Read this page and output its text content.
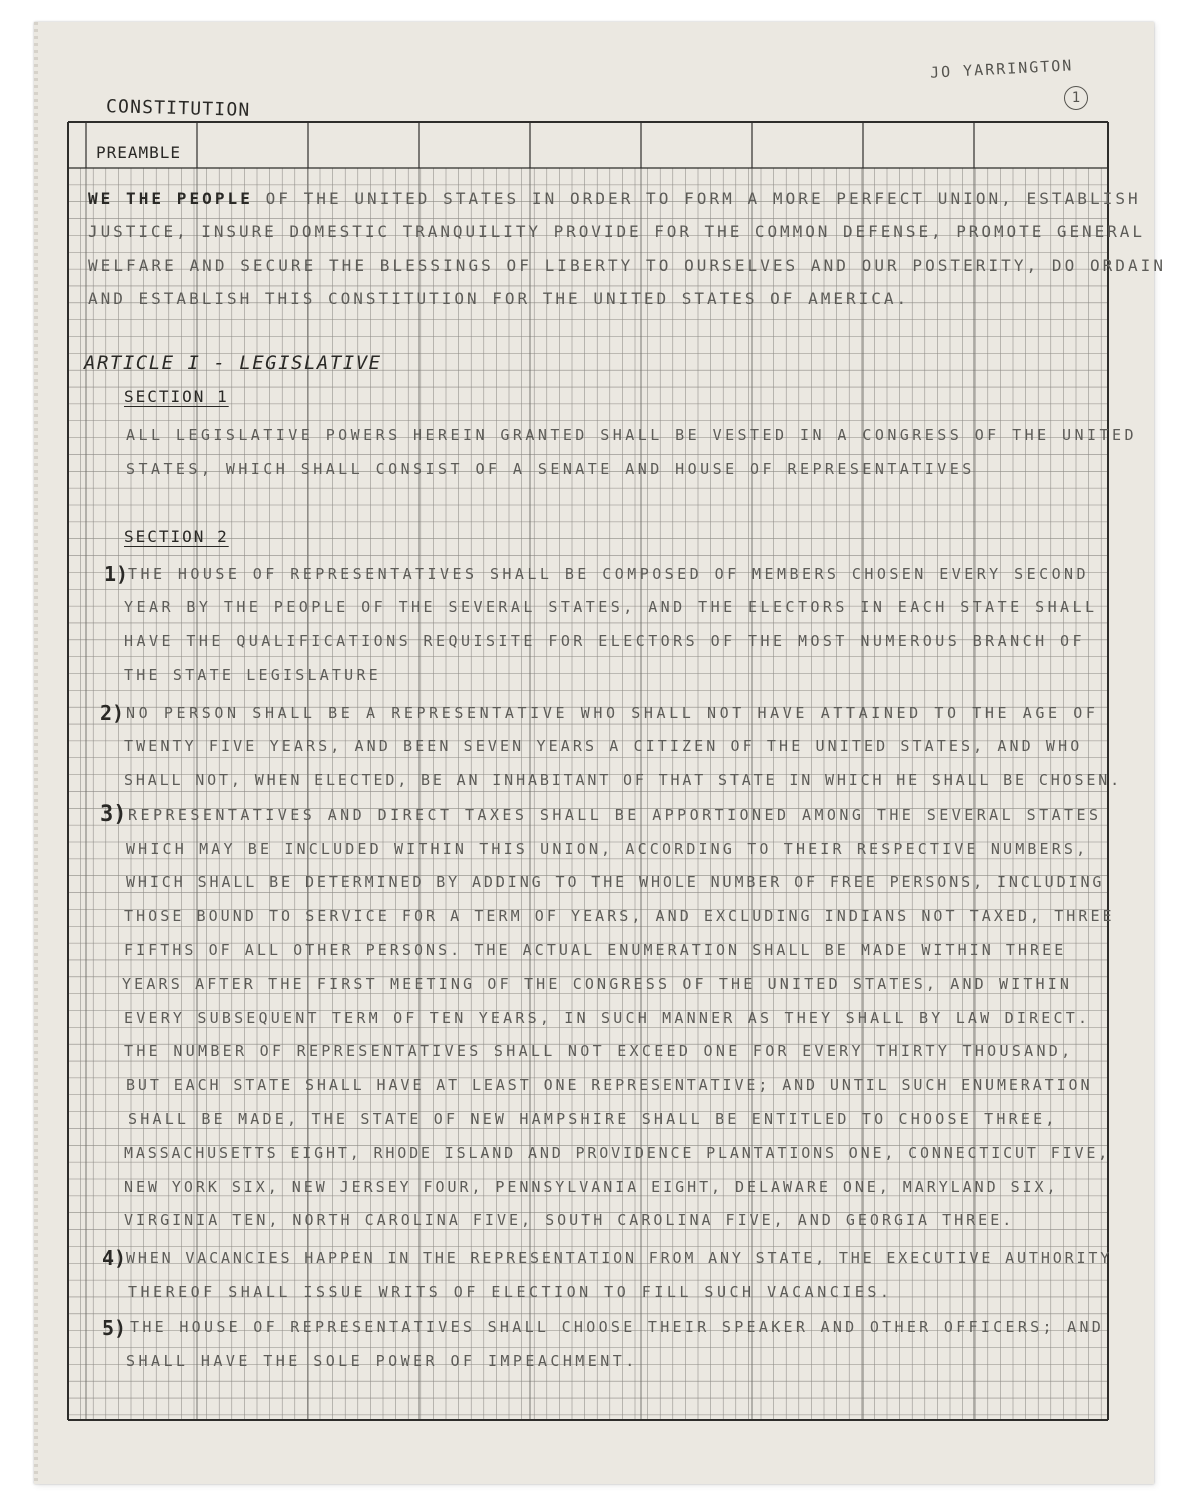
JO YARRINGTON
1
CONSTITUTION
PREAMBLE
WE THE PEOPLE OF THE UNITED STATES IN ORDER TO FORM A MORE PERFECT UNION, ESTABLISH
JUSTICE, INSURE DOMESTIC TRANQUILITY PROVIDE FOR THE COMMON DEFENSE, PROMOTE GENERAL
WELFARE AND SECURE THE BLESSINGS OF LIBERTY TO OURSELVES AND OUR POSTERITY, DO ORDAIN
AND ESTABLISH THIS CONSTITUTION FOR THE UNITED STATES OF AMERICA.
ARTICLE I - LEGISLATIVE
SECTION 1
ALL LEGISLATIVE POWERS HEREIN GRANTED SHALL BE VESTED IN A CONGRESS OF THE UNITED
STATES, WHICH SHALL CONSIST OF A SENATE AND HOUSE OF REPRESENTATIVES
SECTION 2
1) THE HOUSE OF REPRESENTATIVES SHALL BE COMPOSED OF MEMBERS CHOSEN EVERY SECOND
YEAR BY THE PEOPLE OF THE SEVERAL STATES, AND THE ELECTORS IN EACH STATE SHALL
HAVE THE QUALIFICATIONS REQUISITE FOR ELECTORS OF THE MOST NUMEROUS BRANCH OF
THE STATE LEGISLATURE
2) NO PERSON SHALL BE A REPRESENTATIVE WHO SHALL NOT HAVE ATTAINED TO THE AGE OF
TWENTY FIVE YEARS, AND BEEN SEVEN YEARS A CITIZEN OF THE UNITED STATES, AND WHO
SHALL NOT, WHEN ELECTED, BE AN INHABITANT OF THAT STATE IN WHICH HE SHALL BE CHOSEN.
3) REPRESENTATIVES AND DIRECT TAXES SHALL BE APPORTIONED AMONG THE SEVERAL STATES
WHICH MAY BE INCLUDED WITHIN THIS UNION, ACCORDING TO THEIR RESPECTIVE NUMBERS,
WHICH SHALL BE DETERMINED BY ADDING TO THE WHOLE NUMBER OF FREE PERSONS, INCLUDING
THOSE BOUND TO SERVICE FOR A TERM OF YEARS, AND EXCLUDING INDIANS NOT TAXED, THREE
FIFTHS OF ALL OTHER PERSONS. THE ACTUAL ENUMERATION SHALL BE MADE WITHIN THREE
YEARS AFTER THE FIRST MEETING OF THE CONGRESS OF THE UNITED STATES, AND WITHIN
EVERY SUBSEQUENT TERM OF TEN YEARS, IN SUCH MANNER AS THEY SHALL BY LAW DIRECT.
THE NUMBER OF REPRESENTATIVES SHALL NOT EXCEED ONE FOR EVERY THIRTY THOUSAND,
BUT EACH STATE SHALL HAVE AT LEAST ONE REPRESENTATIVE; AND UNTIL SUCH ENUMERATION
SHALL BE MADE, THE STATE OF NEW HAMPSHIRE SHALL BE ENTITLED TO CHOOSE THREE,
MASSACHUSETTS EIGHT, RHODE ISLAND AND PROVIDENCE PLANTATIONS ONE, CONNECTICUT FIVE,
NEW YORK SIX, NEW JERSEY FOUR, PENNSYLVANIA EIGHT, DELAWARE ONE, MARYLAND SIX,
VIRGINIA TEN, NORTH CAROLINA FIVE, SOUTH CAROLINA FIVE, AND GEORGIA THREE.
4) WHEN VACANCIES HAPPEN IN THE REPRESENTATION FROM ANY STATE, THE EXECUTIVE AUTHORITY
THEREOF SHALL ISSUE WRITS OF ELECTION TO FILL SUCH VACANCIES.
5) THE HOUSE OF REPRESENTATIVES SHALL CHOOSE THEIR SPEAKER AND OTHER OFFICERS; AND
SHALL HAVE THE SOLE POWER OF IMPEACHMENT.
